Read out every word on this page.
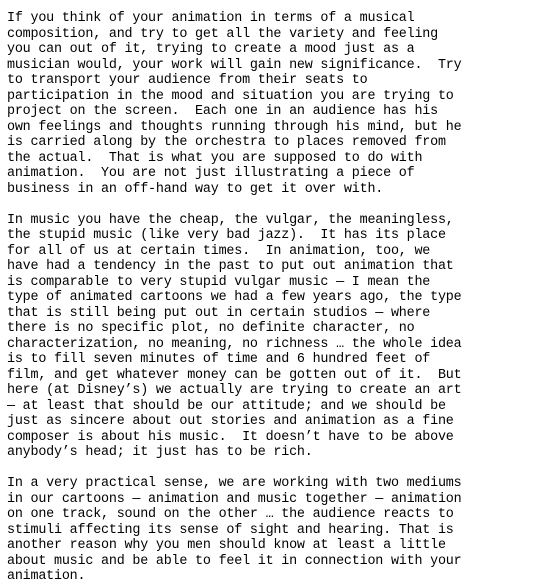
If you think of your animation in terms of a musical
composition, and try to get all the variety and feeling
you can out of it, trying to create a mood just as a
musician would, your work will gain new significance.  Try
to transport your audience from their seats to
participation in the mood and situation you are trying to
project on the screen.  Each one in an audience has his
own feelings and thoughts running through his mind, but he
is carried along by the orchestra to places removed from
the actual.  That is what you are supposed to do with
animation.  You are not just illustrating a piece of
business in an off-hand way to get it over with.

In music you have the cheap, the vulgar, the meaningless,
the stupid music (like very bad jazz).  It has its place
for all of us at certain times.  In animation, too, we
have had a tendency in the past to put out animation that
is comparable to very stupid vulgar music — I mean the
type of animated cartoons we had a few years ago, the type
that is still being put out in certain studios — where
there is no specific plot, no definite character, no
characterization, no meaning, no richness … the whole idea
is to fill seven minutes of time and 6 hundred feet of
film, and get whatever money can be gotten out of it.  But
here (at Disney’s) we actually are trying to create an art
— at least that should be our attitude; and we should be
just as sincere about out stories and animation as a fine
composer is about his music.  It doesn’t have to be above
anybody’s head; it just has to be rich.

In a very practical sense, we are working with two mediums
in our cartoons — animation and music together — animation
on one track, sound on the other … the audience reacts to
stimuli affecting its sense of sight and hearing. That is
another reason why you men should know at least a little
about music and be able to feel it in connection with your
animation.
